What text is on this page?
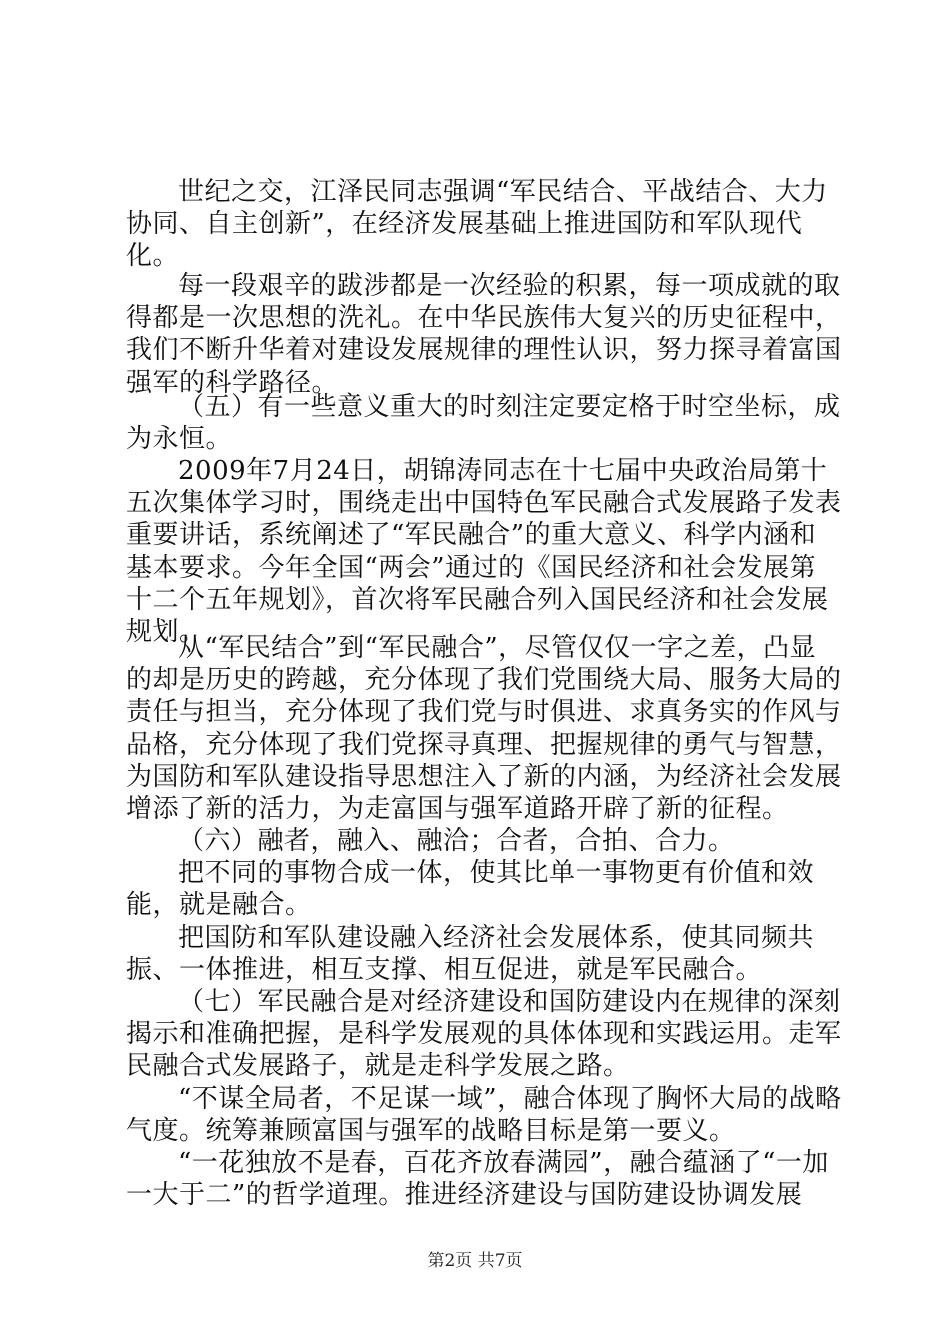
世纪之交，江泽民同志强调“军民结合、平战结合、大力协同、自主创新”，在经济发展基础上推进国防和军队现代化。

每一段艰辛的跋涉都是一次经验的积累，每一项成就的取得都是一次思想的洗礼。在中华民族伟大复兴的历史征程中，我们不断升华着对建设发展规律的理性认识，努力探寻着富国强军的科学路径。

（五）有一些意义重大的时刻注定要定格于时空坐标，成为永恒。

2009年7月24日，胡锦涛同志在十七届中央政治局第十五次集体学习时，围绕走出中国特色军民融合式发展路子发表重要讲话，系统阐述了“军民融合”的重大意义、科学内涵和基本要求。今年全国“两会”通过的《国民经济和社会发展第十二个五年规划》，首次将军民融合列入国民经济和社会发展规划。

从“军民结合”到“军民融合”，尽管仅仅一字之差，凸显的却是历史的跨越，充分体现了我们党围绕大局、服务大局的责任与担当，充分体现了我们党与时俱进、求真务实的作风与品格，充分体现了我们党探寻真理、把握规律的勇气与智慧，为国防和军队建设指导思想注入了新的内涵，为经济社会发展增添了新的活力，为走富国与强军道路开辟了新的征程。

（六）融者，融入、融洽；合者，合拍、合力。

把不同的事物合成一体，使其比单一事物更有价值和效能，就是融合。

把国防和军队建设融入经济社会发展体系，使其同频共振、一体推进，相互支撑、相互促进，就是军民融合。

（七）军民融合是对经济建设和国防建设内在规律的深刻揭示和准确把握，是科学发展观的具体体现和实践运用。走军民融合式发展路子，就是走科学发展之路。

“不谋全局者，不足谋一域”，融合体现了胸怀大局的战略气度。统筹兼顾富国与强军的战略目标是第一要义。

“一花独放不是春，百花齐放春满园”，融合蕴涵了“一加一大于二”的哲学道理。推进经济建设与国防建设协调发展

第2页 共7页
